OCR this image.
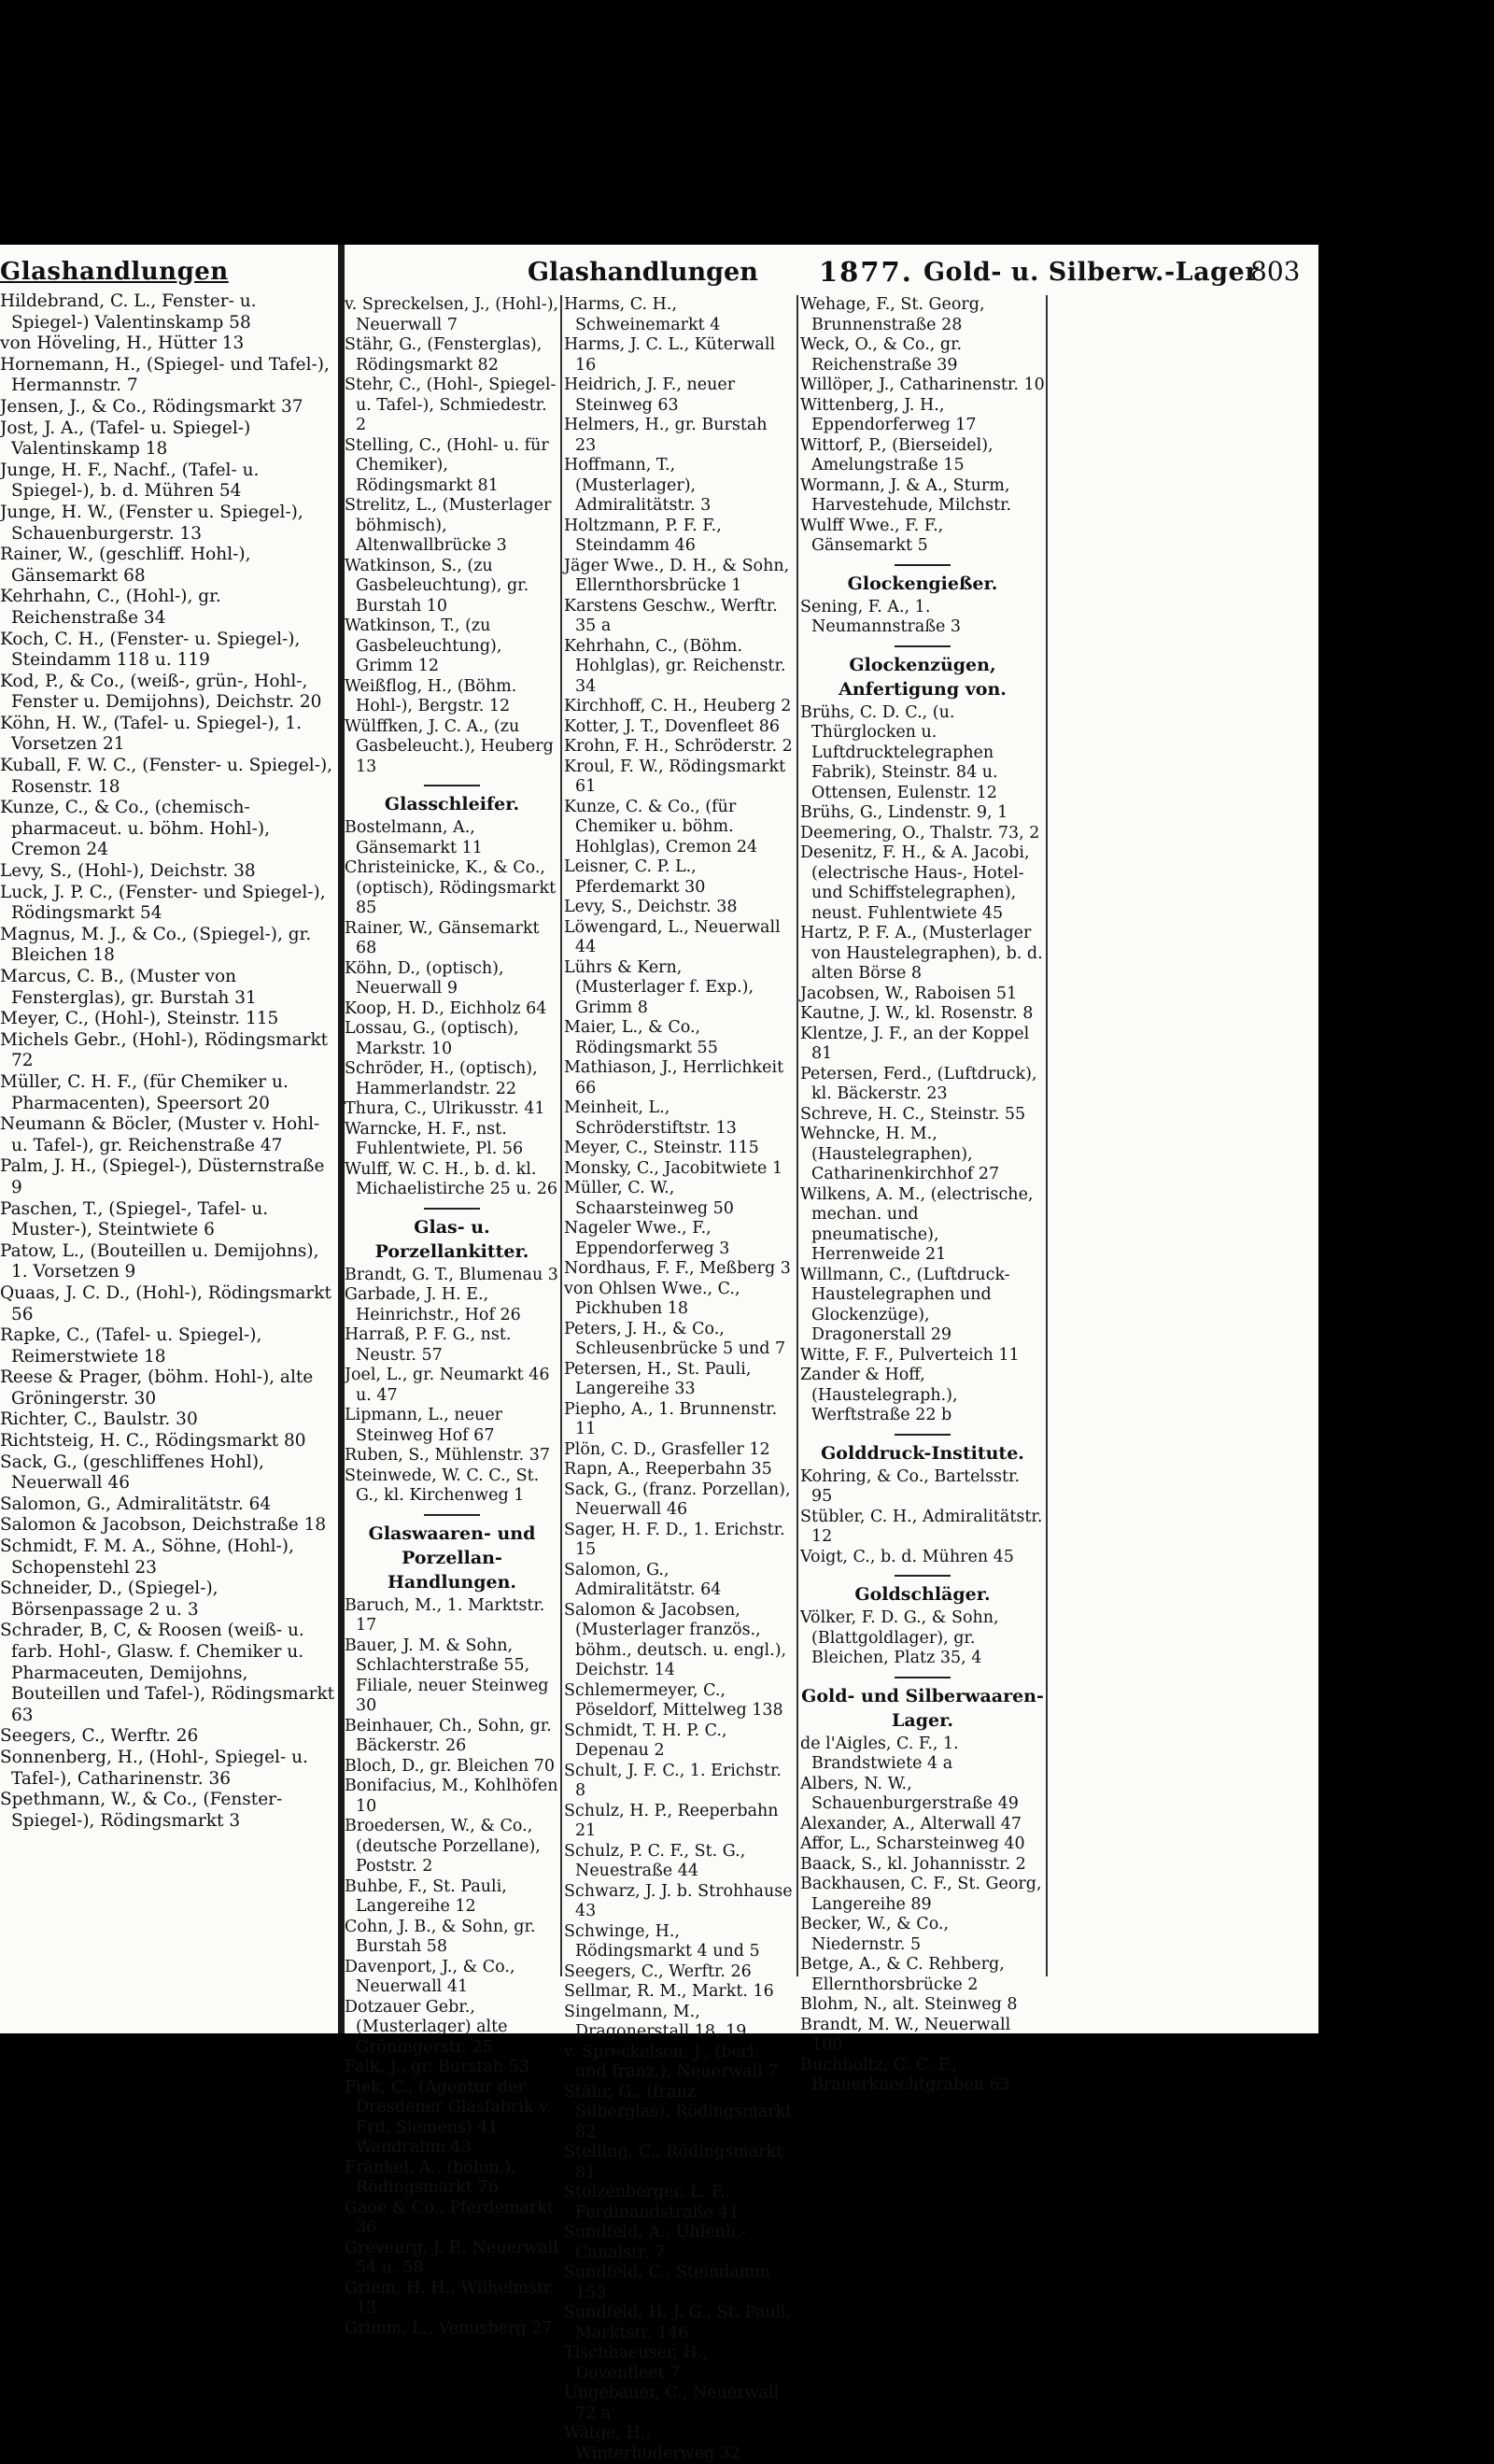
Glashandlungen

Hildebrand, C. L., Fenster- u. Spiegel-) Valentinskamp 58

von Höveling, H., Hütter 13

Hornemann, H., (Spiegel- und Tafel-), Hermannstr. 7

Jensen, J., & Co., Rödingsmarkt 37

Jost, J. A., (Tafel- u. Spiegel-) Valentinskamp 18

Junge, H. F., Nachf., (Tafel- u. Spiegel-), b. d. Mühren 54

Junge, H. W., (Fenster u. Spiegel-), Schauenburgerstr. 13

Rainer, W., (geschliff. Hohl-), Gänsemarkt 68

Kehrhahn, C., (Hohl-), gr. Reichenstraße 34

Koch, C. H., (Fenster- u. Spiegel-), Steindamm 118 u. 119

Kod, P., & Co., (weiß-, grün-, Hohl-, Fenster u. Demijohns), Deichstr. 20

Köhn, H. W., (Tafel- u. Spiegel-), 1. Vorsetzen 21

Kuball, F. W. C., (Fenster- u. Spiegel-), Rosenstr. 18

Kunze, C., & Co., (chemisch-pharmaceut. u. böhm. Hohl-), Cremon 24

Levy, S., (Hohl-), Deichstr. 38

Luck, J. P. C., (Fenster- und Spiegel-), Rödingsmarkt 54

Magnus, M. J., & Co., (Spiegel-), gr. Bleichen 18

Marcus, C. B., (Muster von Fensterglas), gr. Burstah 31

Meyer, C., (Hohl-), Steinstr. 115

Michels Gebr., (Hohl-), Rödingsmarkt 72

Müller, C. H. F., (für Chemiker u. Pharmacenten), Speersort 20

Neumann & Böcler, (Muster v. Hohl- u. Tafel-), gr. Reichenstraße 47

Palm, J. H., (Spiegel-), Düsternstraße 9

Paschen, T., (Spiegel-, Tafel- u. Muster-), Steintwiete 6

Patow, L., (Bouteillen u. Demijohns), 1. Vorsetzen 9

Quaas, J. C. D., (Hohl-), Rödingsmarkt 56

Rapke, C., (Tafel- u. Spiegel-), Reimerstwiete 18

Reese & Prager, (böhm. Hohl-), alte Gröningerstr. 30

Richter, C., Baulstr. 30

Richtsteig, H. C., Rödingsmarkt 80

Sack, G., (geschliffenes Hohl), Neuerwall 46

Salomon, G., Admiralitätstr. 64

Salomon & Jacobson, Deichstraße 18

Schmidt, F. M. A., Söhne, (Hohl-), Schopenstehl 23

Schneider, D., (Spiegel-), Börsenpassage 2 u. 3

Schrader, B, C, & Roosen (weiß- u. farb. Hohl-, Glasw. f. Chemiker u. Pharmaceuten, Demijohns, Bouteillen und Tafel-), Rödingsmarkt 63

Seegers, C., Werftr. 26

Sonnenberg, H., (Hohl-, Spiegel- u. Tafel-), Catharinenstr. 36

Spethmann, W., & Co., (Fenster-Spiegel-), Rödingsmarkt 3

Glashandlungen 1877. Gold- u. Silberw.-Lager
803

v. Spreckelsen, J., (Hohl-), Neuerwall 7

Stähr, G., (Fensterglas), Rödingsmarkt 82

Stehr, C., (Hohl-, Spiegel- u. Tafel-), Schmiedestr. 2

Stelling, C., (Hohl- u. für Chemiker), Rödingsmarkt 81

Strelitz, L., (Musterlager böhmisch), Altenwallbrücke 3

Watkinson, S., (zu Gasbeleuchtung), gr. Burstah 10

Watkinson, T., (zu Gasbeleuchtung), Grimm 12

Weißflog, H., (Böhm. Hohl-), Bergstr. 12

Wülffken, J. C. A., (zu Gasbeleucht.), Heuberg 13

Glasschleifer.

Bostelmann, A., Gänsemarkt 11

Christeinicke, K., & Co., (optisch), Rödingsmarkt 85

Rainer, W., Gänsemarkt 68

Köhn, D., (optisch), Neuerwall 9

Koop, H. D., Eichholz 64

Lossau, G., (optisch), Markstr. 10

Schröder, H., (optisch), Hammerlandstr. 22

Thura, C., Ulrikusstr. 41

Warncke, H. F., nst. Fuhlentwiete, Pl. 56

Wulff, W. C. H., b. d. kl. Michaelistirche 25 u. 26

Glas- u. Porzellankitter.

Brandt, G. T., Blumenau 3

Garbade, J. H. E., Heinrichstr., Hof 26

Harraß, P. F. G., nst. Neustr. 57

Joel, L., gr. Neumarkt 46 u. 47

Lipmann, L., neuer Steinweg Hof 67

Ruben, S., Mühlenstr. 37

Steinwede, W. C. C., St. G., kl. Kirchenweg 1

Glaswaaren- und Porzellan-Handlungen.

Baruch, M., 1. Marktstr. 17

Bauer, J. M. & Sohn, Schlachterstraße 55, Filiale, neuer Steinweg 30

Beinhauer, Ch., Sohn, gr. Bäckerstr. 26

Bloch, D., gr. Bleichen 70

Bonifacius, M., Kohlhöfen 10

Broedersen, W., & Co., (deutsche Porzellane), Poststr. 2

Buhbe, F., St. Pauli, Langereihe 12

Cohn, J. B., & Sohn, gr. Burstah 58

Davenport, J., & Co., Neuerwall 41

Dotzauer Gebr., (Musterlager) alte Gröningerstr. 25

Falk, J., gr. Burstah 53

Fiek, C., (Agentur der Dresdener Glasfabrik v. Frd. Siemens) 41 Wandrahm 43

Fränkel, A., (böhm.), Rödingsmarkt 76

Gaoe & Co., Pferdemarkt 36

Greveurg, J. P., Neuerwall 54 u. 58

Griem, H. H., Wilhelmstr. 13

Grimm, L., Venusberg 27

Harms, C. H., Schweinemarkt 4

Harms, J. C. L., Küterwall 16

Heidrich, J. F., neuer Steinweg 63

Helmers, H., gr. Burstah 23

Hoffmann, T., (Musterlager), Admiralitätstr. 3

Holtzmann, P. F. F., Steindamm 46

Jäger Wwe., D. H., & Sohn, Ellernthorsbrücke 1

Karstens Geschw., Werftr. 35 a

Kehrhahn, C., (Böhm. Hohlglas), gr. Reichenstr. 34

Kirchhoff, C. H., Heuberg 2

Kotter, J. T., Dovenfleet 86

Krohn, F. H., Schröderstr. 2

Kroul, F. W., Rödingsmarkt 61

Kunze, C. & Co., (für Chemiker u. böhm. Hohlglas), Cremon 24

Leisner, C. P. L., Pferdemarkt 30

Levy, S., Deichstr. 38

Löwengard, L., Neuerwall 44

Lührs & Kern, (Musterlager f. Exp.), Grimm 8

Maier, L., & Co., Rödingsmarkt 55

Mathiason, J., Herrlichkeit 66

Meinheit, L., Schröderstiftstr. 13

Meyer, C., Steinstr. 115

Monsky, C., Jacobitwiete 1

Müller, C. W., Schaarsteinweg 50

Nageler Wwe., F., Eppendorferweg 3

Nordhaus, F. F., Meßberg 3

von Ohlsen Wwe., C., Pickhuben 18

Peters, J. H., & Co., Schleusenbrücke 5 und 7

Petersen, H., St. Pauli, Langereihe 33

Piepho, A., 1. Brunnenstr. 11

Plön, C. D., Grasfeller 12

Rapn, A., Reeperbahn 35

Sack, G., (franz. Porzellan), Neuerwall 46

Sager, H. F. D., 1. Erichstr. 15

Salomon, G., Admiralitätstr. 64

Salomon & Jacobsen, (Musterlager französ., böhm., deutsch. u. engl.), Deichstr. 14

Schlemermeyer, C., Pöseldorf, Mittelweg 138

Schmidt, T. H. P. C., Depenau 2

Schult, J. F. C., 1. Erichstr. 8

Schulz, H. P., Reeperbahn 21

Schulz, P. C. F., St. G., Neuestraße 44

Schwarz, J. J. b. Strohhause 43

Schwinge, H., Rödingsmarkt 4 und 5

Seegers, C., Werftr. 26

Sellmar, R. M., Markt. 16

Singelmann, M., Dragonerstall 18, 19

v. Spreckelsen, J., (berl. und franz.), Neuerwall 7

Stähr, G., (franz. Silberglas), Rödingsmarkt 82

Stelling, C., Rödingsmarkt 81

Stolzenberger, L. F., Ferdinandstraße 41

Sundfeld, A., Uhlenh.-Canalstr. 7

Sundfeld, C., Steindamm 153

Sundfeld, H. J. G., St. Pauli, Marktstr. 146

Tischhaeuser, H., Dovenfleet 7

Ungebauer, C., Neuerwall 72 a

Wätge, H., Winterhuderweg 32

Wehage, F., St. Georg, Brunnenstraße 28

Weck, O., & Co., gr. Reichenstraße 39

Willöper, J., Catharinenstr. 10

Wittenberg, J. H., Eppendorferweg 17

Wittorf, P., (Bierseidel), Amelungstraße 15

Wormann, J. & A., Sturm, Harvestehude, Milchstr.

Wulff Wwe., F. F., Gänsemarkt 5

Glockengießer.

Sening, F. A., 1. Neumannstraße 3

Glockenzügen, Anfertigung von.

Brühs, C. D. C., (u. Thürglocken u. Luftdrucktelegraphen Fabrik), Steinstr. 84 u. Ottensen, Eulenstr. 12

Brühs, G., Lindenstr. 9, 1

Deemering, O., Thalstr. 73, 2

Desenitz, F. H., & A. Jacobi, (electrische Haus-, Hotel- und Schiffstelegraphen), neust. Fuhlentwiete 45

Hartz, P. F. A., (Musterlager von Haustelegraphen), b. d. alten Börse 8

Jacobsen, W., Raboisen 51

Kautne, J. W., kl. Rosenstr. 8

Klentze, J. F., an der Koppel 81

Petersen, Ferd., (Luftdruck), kl. Bäckerstr. 23

Schreve, H. C., Steinstr. 55

Wehncke, H. M., (Haustelegraphen), Catharinenkirchhof 27

Wilkens, A. M., (electrische, mechan. und pneumatische), Herrenweide 21

Willmann, C., (Luftdruck-Haustelegraphen und Glockenzüge), Dragonerstall 29

Witte, F. F., Pulverteich 11

Zander & Hoff, (Haustelegraph.), Werftstraße 22 b

Golddruck-Institute.

Kohring, & Co., Bartelsstr. 95

Stübler, C. H., Admiralitätstr. 12

Voigt, C., b. d. Mühren 45

Goldschläger.

Völker, F. D. G., & Sohn, (Blattgoldlager), gr. Bleichen, Platz 35, 4

Gold- und Silberwaaren-Lager.

de l'Aigles, C. F., 1. Brandstwiete 4 a

Albers, N. W., Schauenburgerstraße 49

Alexander, A., Alterwall 47

Affor, L., Scharsteinweg 40

Baack, S., kl. Johannisstr. 2

Backhausen, C. F., St. Georg, Langereihe 89

Becker, W., & Co., Niedernstr. 5

Betge, A., & C. Rehberg, Ellernthorsbrücke 2

Blohm, N., alt. Steinweg 8

Brandt, M. W., Neuerwall 100

Buchholtz, C. C. F., Brauerknechtgraben 63
